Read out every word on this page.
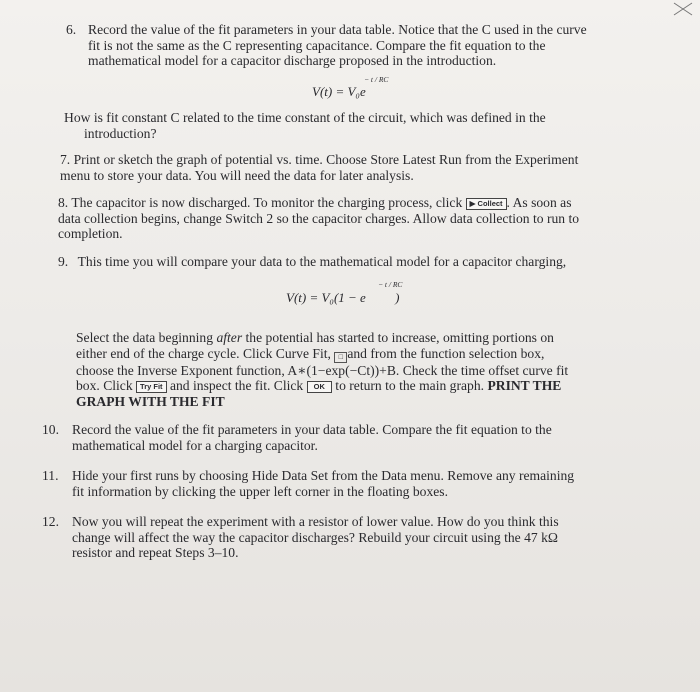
6. Record the value of the fit parameters in your data table. Notice that the C used in the curve
fit is not the same as the C representing capacitance. Compare the fit equation to the
mathematical model for a capacitor discharge proposed in the introduction.
V(t) = V₀e
− t / RC
How is fit constant C related to the time constant of the circuit, which was defined in the
introduction?
7. Print or sketch the graph of potential vs. time. Choose Store Latest Run from the Experiment
menu to store your data. You will need the data for later analysis.
8. The capacitor is now discharged. To monitor the charging process, click ▶ Collect . As soon as
data collection begins, change Switch 2 so the capacitor charges. Allow data collection to run to
completion.
9. This time you will compare your data to the mathematical model for a capacitor charging,
V(t) = V₀(1 − e
− t / RC
)
Select the data beginning after the potential has started to increase, omitting portions on
either end of the charge cycle. Click Curve Fit, □ and from the function selection box,
choose the Inverse Exponent function, A∗(1−exp(−Ct))+B. Check the time offset curve fit
box. Click Try Fit and inspect the fit. Click OK to return to the main graph. PRINT THE
GRAPH WITH THE FIT
10. Record the value of the fit parameters in your data table. Compare the fit equation to the
mathematical model for a charging capacitor.
11. Hide your first runs by choosing Hide Data Set from the Data menu. Remove any remaining
fit information by clicking the upper left corner in the floating boxes.
12. Now you will repeat the experiment with a resistor of lower value. How do you think this
change will affect the way the capacitor discharges? Rebuild your circuit using the 47 kΩ
resistor and repeat Steps 3–10.
